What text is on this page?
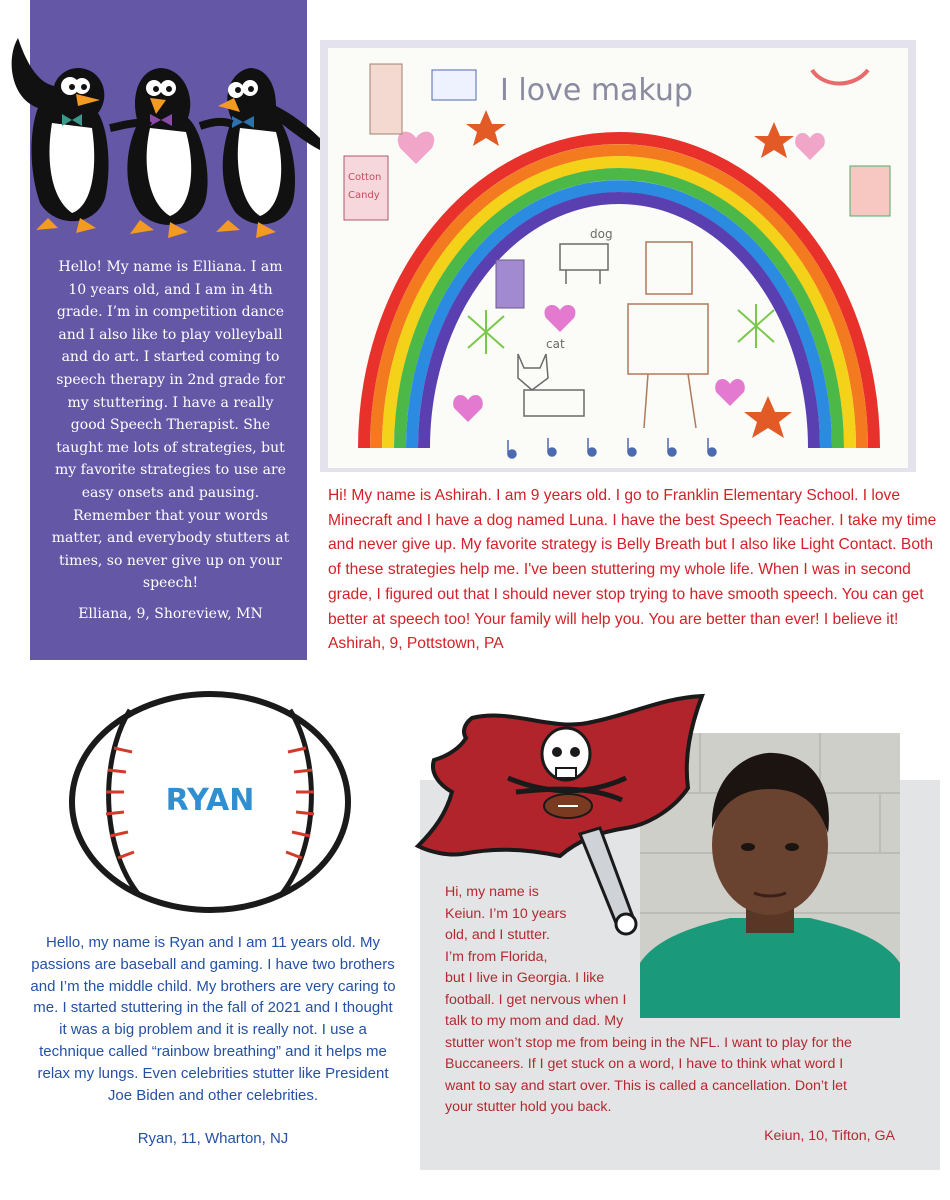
Hello! My name is Elliana. I am 10 years old, and I am in 4th grade. I’m in competition dance and I also like to play volleyball and do art. I started coming to speech therapy in 2nd grade for my stuttering. I have a really good Speech Therapist. She taught me lots of strategies, but my favorite strategies to use are easy onsets and pausing. Remember that your words matter, and everybody stutters at times, so never give up on your speech!
Elliana, 9, Shoreview, MN
I love makup
Cotton
Candy
dog
cat
Hi! My name is Ashirah. I am 9 years old. I go to Franklin Elementary School. I love Minecraft and I have a dog named Luna. I have the best Speech Teacher. I take my time and never give up. My favorite strategy is Belly Breath but I also like Light Contact. Both of these strategies help me. I've been stuttering my whole life. When I was in second grade, I figured out that I should never stop trying to have smooth speech. You can get better at speech too! Your family will help you. You are better than ever! I believe it!
Ashirah, 9, Pottstown, PA
RYAN
Hello, my name is Ryan and I am 11 years old. My passions are baseball and gaming. I have two brothers and I’m the middle child. My brothers are very caring to me. I started stuttering in the fall of 2021 and I thought it was a big problem and it is really not. I use a technique called “rainbow breathing” and it helps me relax my lungs. Even celebrities stutter like President Joe Biden and other celebrities.
Ryan, 11, Wharton, NJ
Hi, my name is
Keiun. I’m 10 years
old, and I stutter.
I’m from Florida,
but I live in Georgia. I like
football. I get nervous when I
talk to my mom and dad. My
stutter won’t stop me from being in the NFL. I want to play for the
Buccaneers. If I get stuck on a word, I have to think what word I
want to say and start over. This is called a cancellation. Don’t let
your stutter hold you back.
Keiun, 10, Tifton, GA
